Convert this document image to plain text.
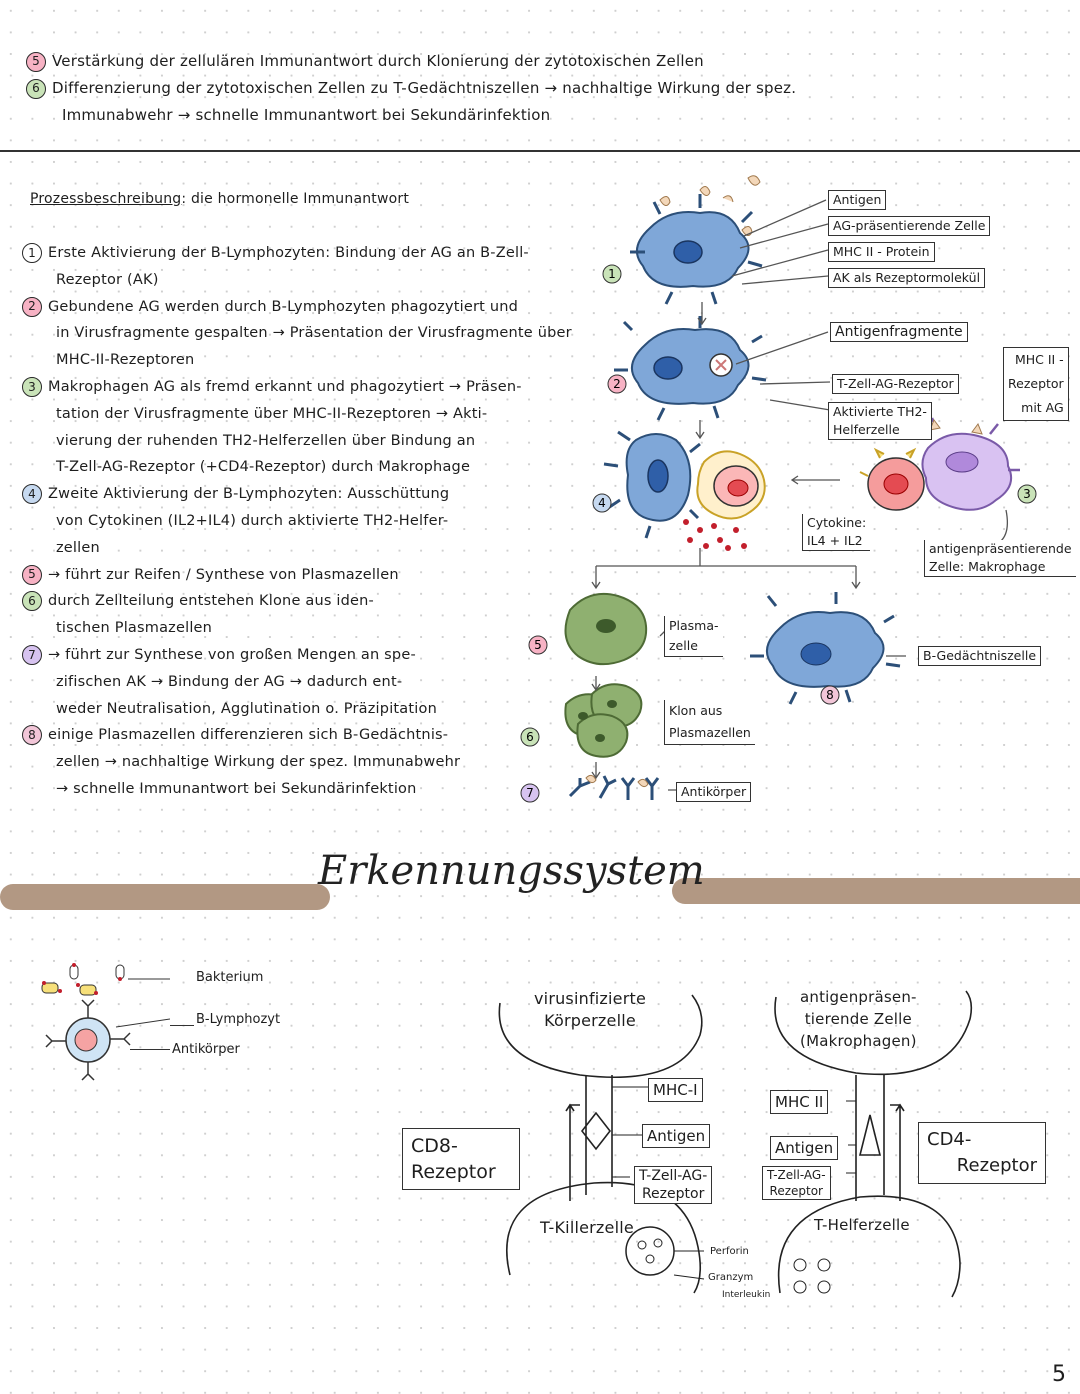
5 Verstärkung der zellulären Immunantwort durch Klonierung der zytotoxischen Zellen
6 Differenzierung der zytotoxischen Zellen zu T-Gedächtniszellen → nachhaltige Wirkung der spez.
Immunabwehr → schnelle Immunantwort bei Sekundärinfektion
Prozessbeschreibung: die hormonelle Immunantwort
1 Erste Aktivierung der B-Lymphozyten: Bindung der AG an B-Zell-
Rezeptor (AK)
2 Gebundene AG werden durch B-Lymphozyten phagozytiert und
in Virusfragmente gespalten → Präsentation der Virusfragmente über
MHC-II-Rezeptoren
3 Makrophagen AG als fremd erkannt und phagozytiert → Präsen-
tation der Virusfragmente über MHC-II-Rezeptoren → Akti-
vierung der ruhenden TH2-Helferzellen über Bindung an
T-Zell-AG-Rezeptor (+CD4-Rezeptor) durch Makrophage
4 Zweite Aktivierung der B-Lymphozyten: Ausschüttung
von Cytokinen (IL2+IL4) durch aktivierte TH2-Helfer-
zellen
5 → führt zur Reifen / Synthese von Plasmazellen
6 durch Zellteilung entstehen Klone aus iden-
tischen Plasmazellen
7 → führt zur Synthese von großen Mengen an spe-
zifischen AK → Bindung der AG → dadurch ent-
weder Neutralisation, Agglutination o. Präzipitation
8 einige Plasmazellen differenzieren sich B-Gedächtnis-
zellen → nachhaltige Wirkung der spez. Immunabwehr
→ schnelle Immunantwort bei Sekundärinfektion
1
2
3
4
5
6
7
8
Antigen
AG-präsentierende Zelle
MHC II - Protein
AK als Rezeptormolekül
Antigenfragmente
T-Zell-AG-Rezeptor
MHC II -
Rezeptor
mit AG
Aktivierte TH2-
Helferzelle
Cytokine:
IL4 + IL2
antigenpräsentierende
Zelle: Makrophage
Plasma-
zelle
B-Gedächtniszelle
Klon aus
Plasmazellen
Antikörper
Erkennungssystem
Bakterium
B-Lymphozyt
Antikörper
virusinfizierte
Körperzelle
antigenpräsen-
tierende Zelle
(Makrophagen)
MHC-I
MHC II
Antigen
Antigen
T-Zell-AG-
Rezeptor
T-Zell-AG-
Rezeptor
CD8-
Rezeptor
CD4-
Rezeptor
T-Killerzelle	T-Helferzelle
Perforin
Granzym
Interleukin
5
